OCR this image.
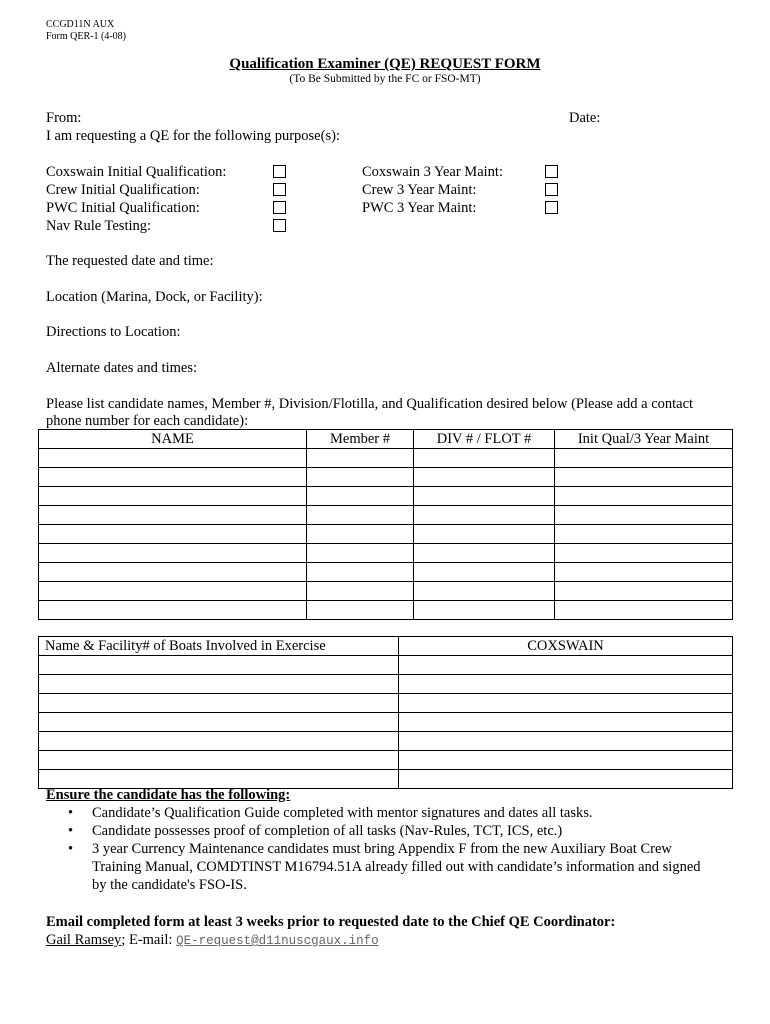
CCGD11N AUX
Form QER-1 (4-08)
Qualification Examiner (QE) REQUEST FORM
(To Be Submitted by the FC or FSO-MT)
From:	Date:
I am requesting a QE for the following purpose(s):
Coxswain Initial Qualification:
Crew Initial Qualification:
PWC Initial Qualification:
Nav Rule Testing:
Coxswain 3 Year Maint:
Crew 3 Year Maint:
PWC 3 Year Maint:
The requested date and time:
Location (Marina, Dock, or Facility):
Directions to Location:
Alternate dates and times:
Please list candidate names, Member #, Division/Flotilla, and Qualification desired below (Please add a contact
phone number for each candidate):
NAME	Member #	DIV # / FLOT #	Init Qual/3 Year Maint

Name & Facility# of Boats Involved in Exercise	COXSWAIN

Ensure the candidate has the following:
• Candidate’s Qualification Guide completed with mentor signatures and dates all tasks.
• Candidate possesses proof of completion of all tasks (Nav-Rules, TCT, ICS, etc.)
• 3 year Currency Maintenance candidates must bring Appendix F from the new Auxiliary Boat Crew Training Manual, COMDTINST M16794.51A already filled out with candidate’s information and signed by the candidate's FSO-IS.
Email completed form at least 3 weeks prior to requested date to the Chief QE Coordinator:
Gail Ramsey; E-mail: QE-request@d11nuscgaux.info
